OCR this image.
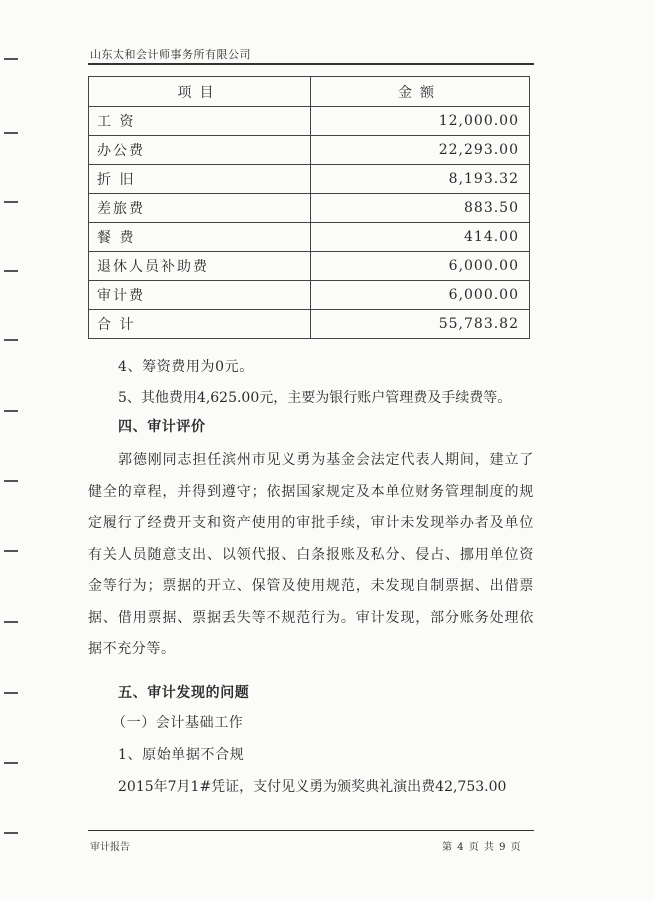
山东太和会计师事务所有限公司
项目	金额
工 资	12,000.00
办公费	22,293.00
折 旧	8,193.32
差旅费	883.50
餐 费	414.00
退休人员补助费	6,000.00
审计费	6,000.00
合 计	55,783.82
4、筹资费用为0元。
5、其他费用4,625.00元，主要为银行账户管理费及手续费等。
四、审计评价
郭德刚同志担任滨州市见义勇为基金会法定代表人期间，建立了健全的章程，并得到遵守；依据国家规定及本单位财务管理制度的规定履行了经费开支和资产使用的审批手续，审计未发现举办者及单位有关人员随意支出、以领代报、白条报账及私分、侵占、挪用单位资金等行为；票据的开立、保管及使用规范，未发现自制票据、出借票据、借用票据、票据丢失等不规范行为。审计发现，部分账务处理依据不充分等。
五、审计发现的问题
（一）会计基础工作
1、原始单据不合规
2015年7月1#凭证，支付见义勇为颁奖典礼演出费42,753.00
审计报告	第 4 页 共 9 页
